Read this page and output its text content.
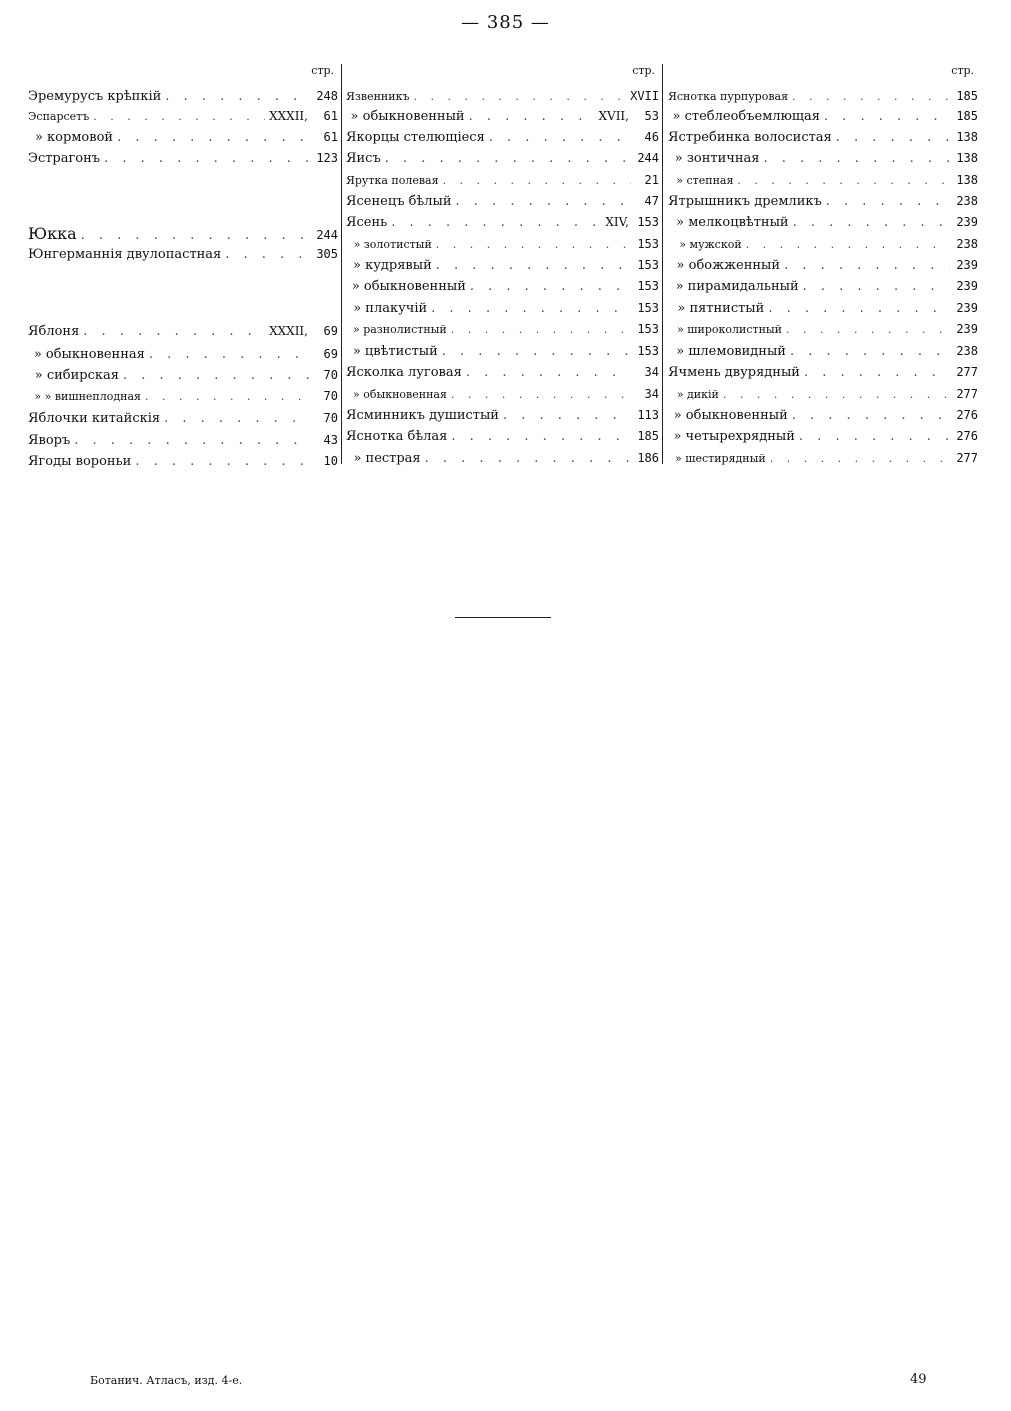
— 385 —
стр.
Эремурусъ крѣпкій . . .	248
Эспарсетъ . . .	XXXII,	61
» кормовой . . .	61
Эстрагонъ . . .	123
Юкка . . .	244
Юнгерманнія двулопастная . . .	305
Яблоня . . .	XXXII,	69
» обыкновенная . . .	69
» сибирская . . .	70
» » вишнеплодная . . .	70
Яблочки китайскія . . .	70
Яворъ . . .	43
Ягоды вороньи . . .	10
стр.
Язвенникъ . . .	XVII
» обыкновенный . . .	XVII,	53
Якорцы стелющіеся . . .	46
Яисъ . . .	244
Ярутка полевая . . .	21
Ясенецъ бѣлый . . .	47
Ясень . . .	XIV, 153
» золотистый . . .	153
» кудрявый . . .	153
» обыкновенный . . .	153
» плакучій . . .	153
» разнолистный . . .	153
» цвѣтистый . . .	153
Ясколка луговая . . .	34
» обыкновенная . . .	34
Ясминникъ душистый . . .	113
Яснотка бѣлая . . .	185
» пестрая . . .	186
стр.
Яснотка пурпуровая . . .	185
» стеблеобъемлющая . . .	185
Ястребинка волосистая . . .	138
» зонтичная . . .	138
» степная . . .	138
Ятрышникъ дремликъ . . .	238
» мелкоцвѣтный . . .	239
» мужской . . .	238
» обожженный . . .	239
» пирамидальный . . .	239
» пятнистый . . .	239
» широколистный . . .	239
» шлемовидный . . .	238
Ячмень двурядный . . .	277
» дикій . . .	277
» обыкновенный . . .	276
» четырехрядный . . .	276
» шестирядный . . .	277
Ботанич. Атласъ, изд. 4-е.	49
